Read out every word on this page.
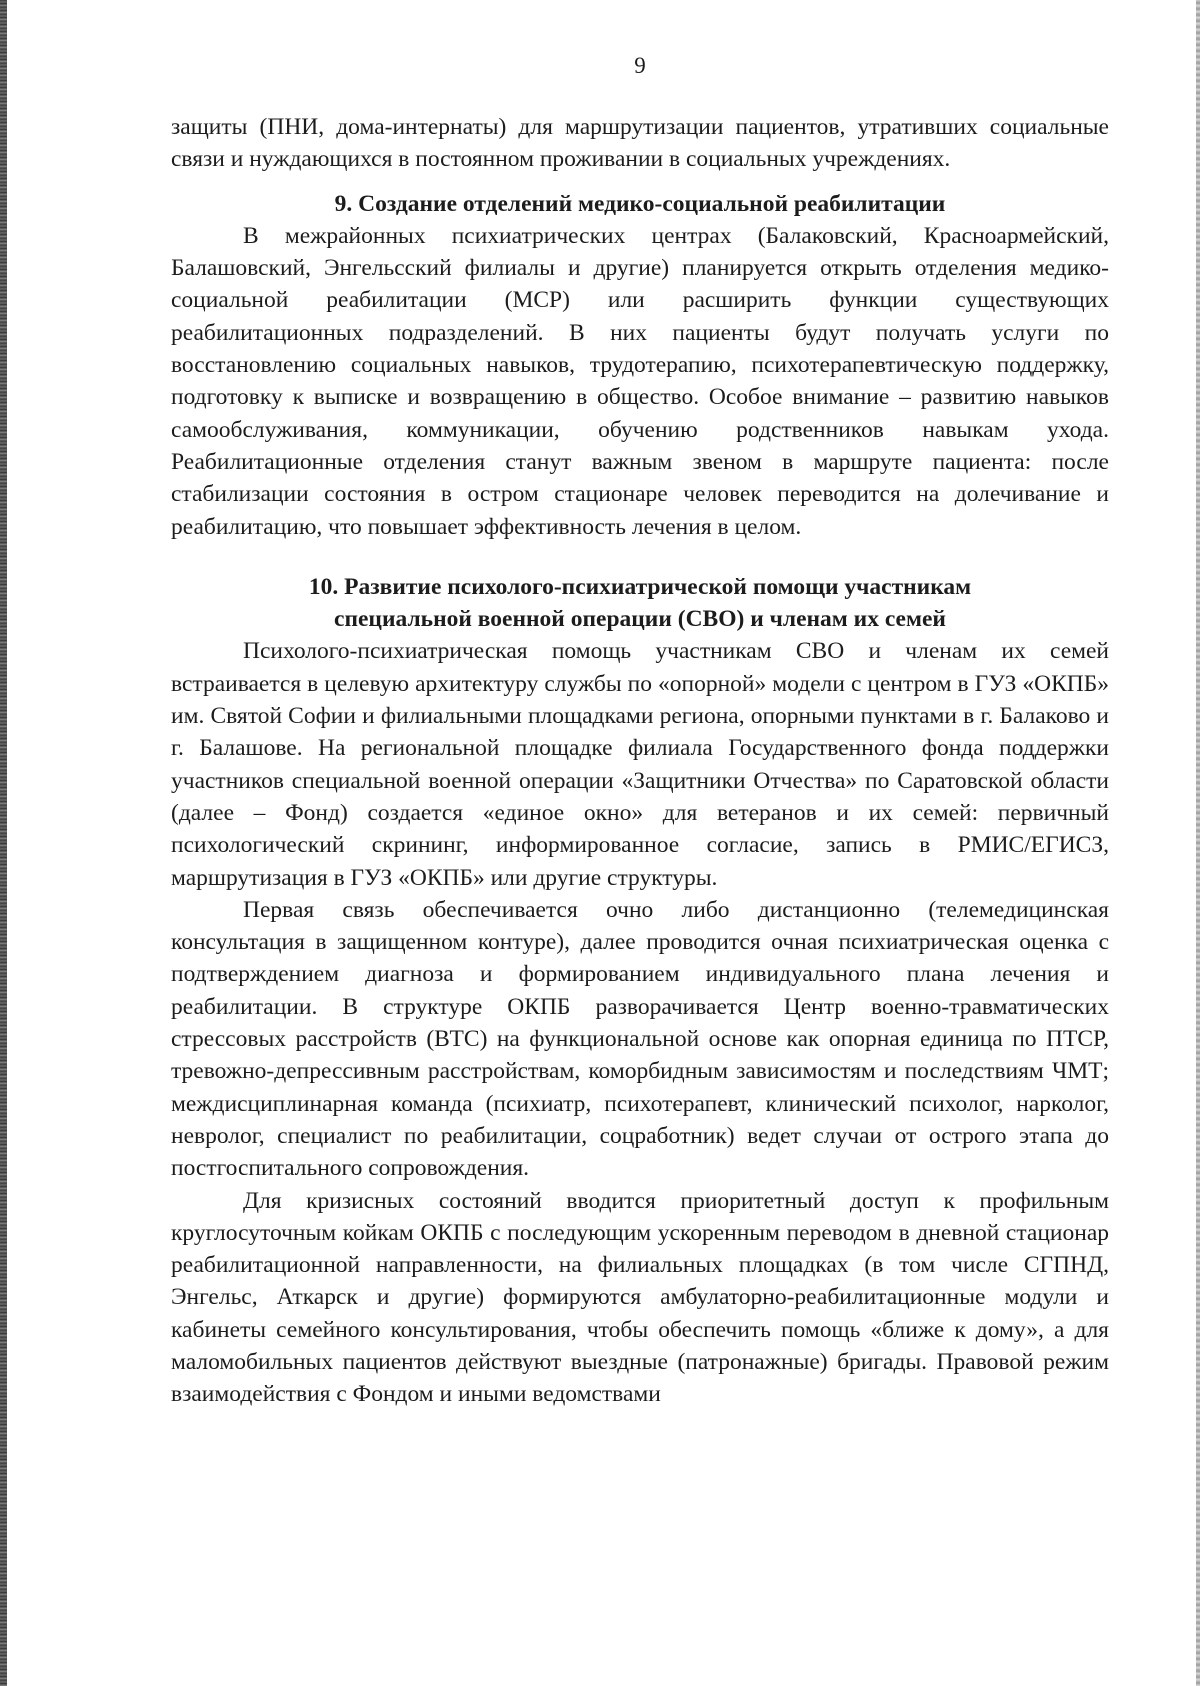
9

защиты (ПНИ, дома-интернаты) для маршрутизации пациентов, утративших социальные связи и нуждающихся в постоянном проживании в социальных учреждениях.

9. Создание отделений медико-социальной реабилитации

В межрайонных психиатрических центрах (Балаковский, Красноармейский, Балашовский, Энгельсский филиалы и другие) планируется открыть отделения медико-социальной реабилитации (МСР) или расширить функции существующих реабилитационных подразделений. В них пациенты будут получать услуги по восстановлению социальных навыков, трудотерапию, психотерапевтическую поддержку, подготовку к выписке и возвращению в общество. Особое внимание – развитию навыков самообслуживания, коммуникации, обучению родственников навыкам ухода. Реабилитационные отделения станут важным звеном в маршруте пациента: после стабилизации состояния в остром стационаре человек переводится на долечивание и реабилитацию, что повышает эффективность лечения в целом.

10. Развитие психолого-психиатрической помощи участникам
специальной военной операции (СВО) и членам их семей

Психолого-психиатрическая помощь участникам СВО и членам их семей встраивается в целевую архитектуру службы по «опорной» модели с центром в ГУЗ «ОКПБ» им. Святой Софии и филиальными площадками региона, опорными пунктами в г. Балаково и г. Балашове. На региональной площадке филиала Государственного фонда поддержки участников специальной военной операции «Защитники Отчества» по Саратовской области (далее – Фонд) создается «единое окно» для ветеранов и их семей: первичный психологический скрининг, информированное согласие, запись в РМИС/ЕГИСЗ, маршрутизация в ГУЗ «ОКПБ» или другие структуры.

Первая связь обеспечивается очно либо дистанционно (телемедицинская консультация в защищенном контуре), далее проводится очная психиатрическая оценка с подтверждением диагноза и формированием индивидуального плана лечения и реабилитации. В структуре ОКПБ разворачивается Центр военно-травматических стрессовых расстройств (ВТС) на функциональной основе как опорная единица по ПТСР, тревожно-депрессивным расстройствам, коморбидным зависимостям и последствиям ЧМТ; междисциплинарная команда (психиатр, психотерапевт, клинический психолог, нарколог, невролог, специалист по реабилитации, соцработник) ведет случаи от острого этапа до постгоспитального сопровождения.

Для кризисных состояний вводится приоритетный доступ к профильным круглосуточным койкам ОКПБ с последующим ускоренным переводом в дневной стационар реабилитационной направленности, на филиальных площадках (в том числе СГПНД, Энгельс, Аткарск и другие) формируются амбулаторно-реабилитационные модули и кабинеты семейного консультирования, чтобы обеспечить помощь «ближе к дому», а для маломобильных пациентов действуют выездные (патронажные) бригады. Правовой режим взаимодействия с Фондом и иными ведомствами
